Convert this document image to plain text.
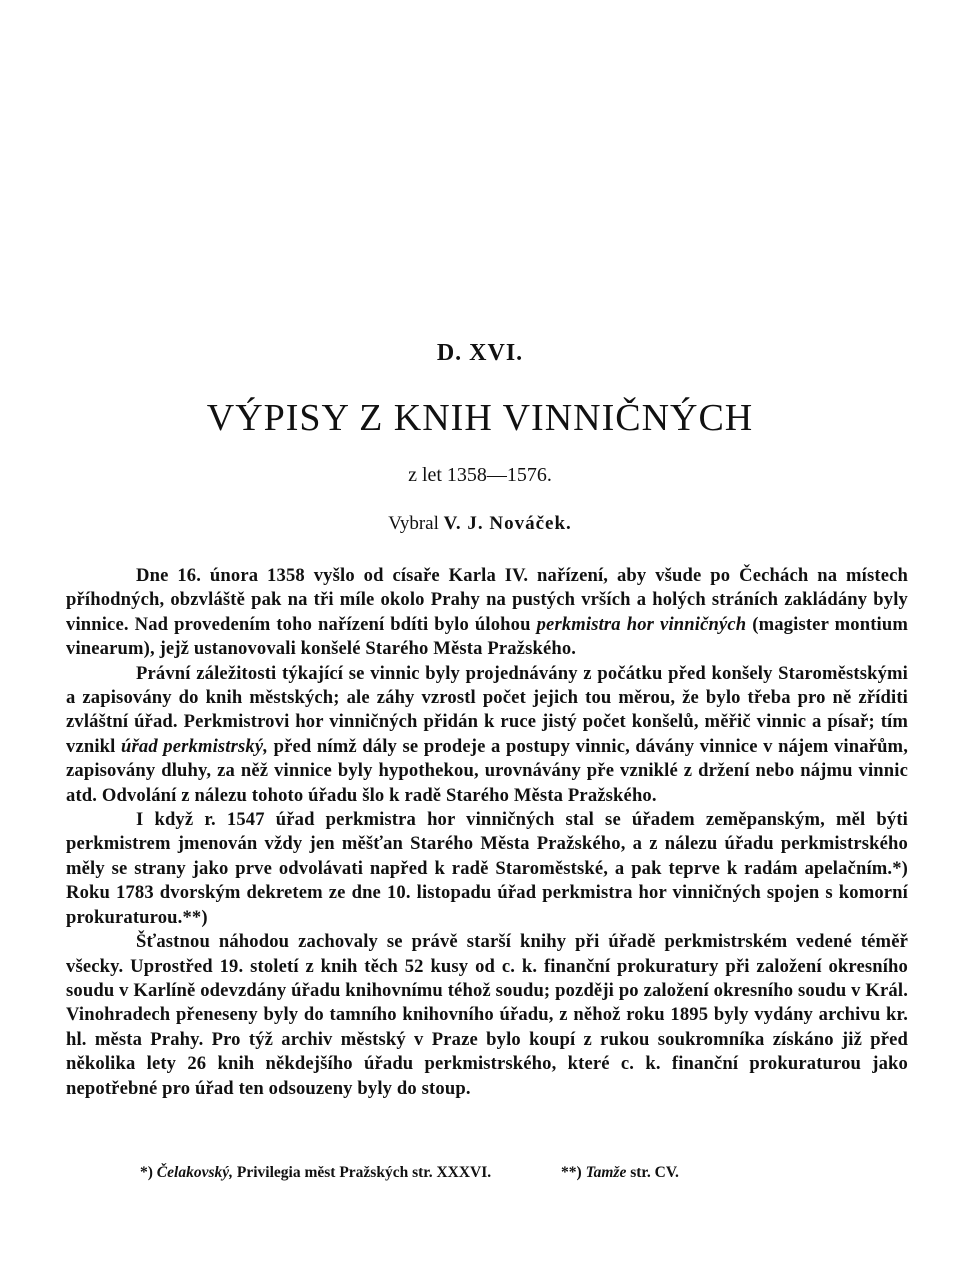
D. XVI.
VÝPISY Z KNIH VINNIČNÝCH
z let 1358—1576.
Vybral V. J. Nováček.

Dne 16. února 1358 vyšlo od císaře Karla IV. nařízení, aby všude po Čechách na místech příhodných, obzvláště pak na tři míle okolo Prahy na pustých vrších a holých stráních zakládány byly vinnice. Nad provedením toho nařízení bdíti bylo úlohou perkmistra hor vinničných (magister montium vinearum), jejž ustanovovali konšelé Starého Města Pražského.

Právní záležitosti týkající se vinnic byly projednávány z počátku před konšely Staroměstskými a zapisovány do knih městských; ale záhy vzrostl počet jejich tou měrou, že bylo třeba pro ně zříditi zvláštní úřad. Perkmistrovi hor vinničných přidán k ruce jistý počet konšelů, měřič vinnic a písař; tím vznikl úřad perkmistrský, před nímž dály se prodeje a postupy vinnic, dávány vinnice v nájem vinařům, zapisovány dluhy, za něž vinnice byly hypothekou, urovnávány pře vzniklé z držení nebo nájmu vinnic atd. Odvolání z nálezu tohoto úřadu šlo k radě Starého Města Pražského.

I když r. 1547 úřad perkmistra hor vinničných stal se úřadem zeměpanským, měl býti perkmistrem jmenován vždy jen měšťan Starého Města Pražského, a z nálezu úřadu perkmistrského měly se strany jako prve odvolávati napřed k radě Staroměstské, a pak teprve k radám apelačním.*) Roku 1783 dvorským dekretem ze dne 10. listopadu úřad perkmistra hor vinničných spojen s komorní prokuraturou.**)

Šťastnou náhodou zachovaly se právě starší knihy při úřadě perkmistrském vedené téměř všecky. Uprostřed 19. století z knih těch 52 kusy od c. k. finanční prokuratury při založení okresního soudu v Karlíně odevzdány úřadu knihovnímu téhož soudu; později po založení okresního soudu v Král. Vinohradech přeneseny byly do tamního knihovního úřadu, z něhož roku 1895 byly vydány archivu kr. hl. města Prahy. Pro týž archiv městský v Praze bylo koupí z rukou soukromníka získáno již před několika lety 26 knih někdejšího úřadu perkmistrského, které c. k. finanční prokuraturou jako nepotřebné pro úřad ten odsouzeny byly do stoup.

*) Čelakovský, Privilegia měst Pražských str. XXXVI.	**) Tamže str. CV.
